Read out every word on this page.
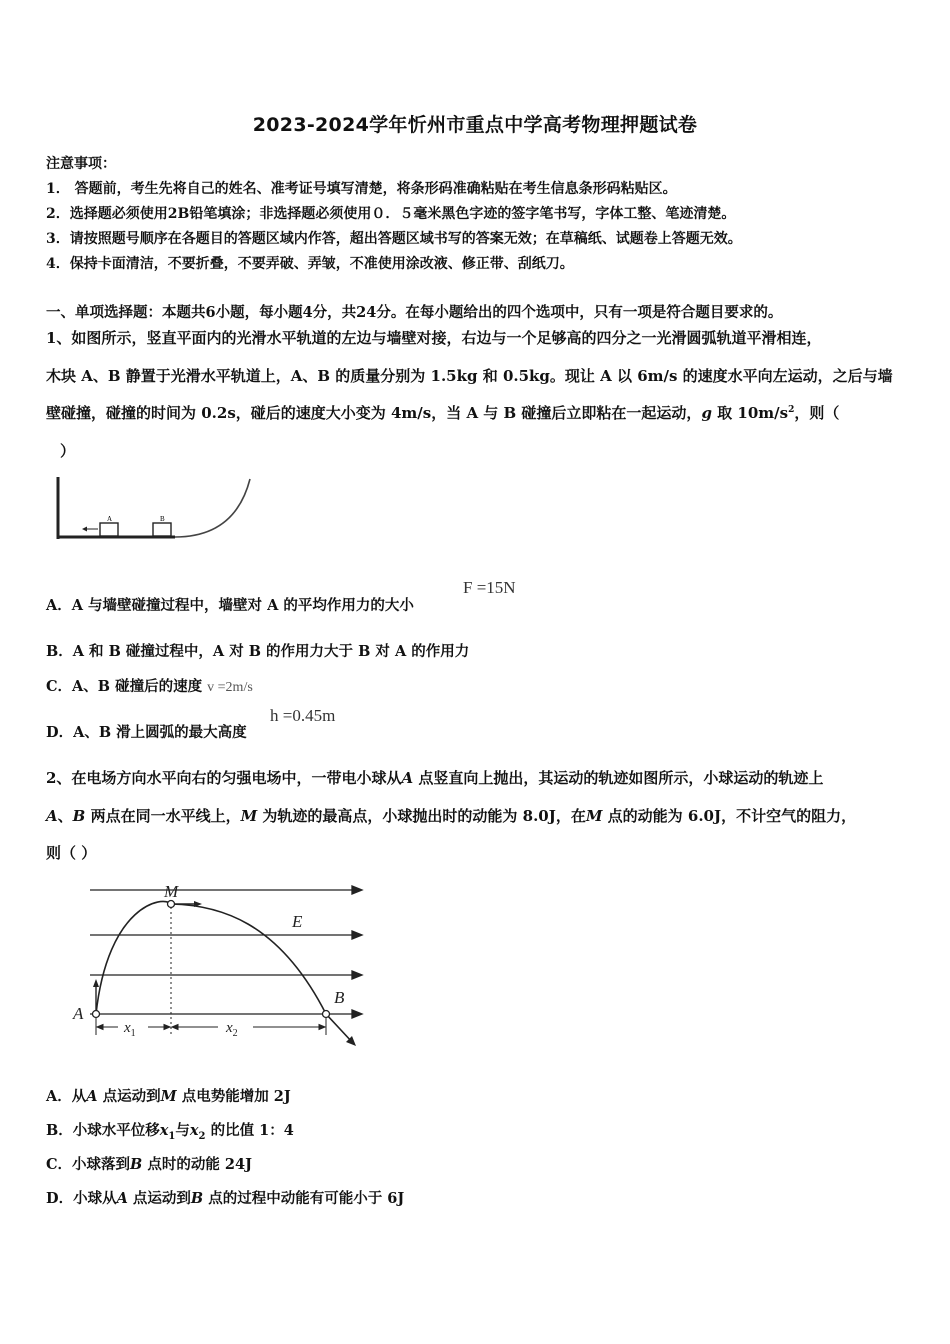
2023-2024学年忻州市重点中学高考物理押题试卷
注意事项：
1． 答题前，考生先将自己的姓名、准考证号填写清楚，将条形码准确粘贴在考生信息条形码粘贴区。
2．选择题必须使用2B铅笔填涂；非选择题必须使用０．５毫米黑色字迹的签字笔书写，字体工整、笔迹清楚。
3．请按照题号顺序在各题目的答题区域内作答，超出答题区域书写的答案无效；在草稿纸、试题卷上答题无效。
4．保持卡面清洁，不要折叠，不要弄破、弄皱，不准使用涂改液、修正带、刮纸刀。
一、单项选择题：本题共6小题，每小题4分，共24分。在每小题给出的四个选项中，只有一项是符合题目要求的。
1、如图所示，竖直平面内的光滑水平轨道的左边与墙壁对接，右边与一个足够高的四分之一光滑圆弧轨道平滑相连，
木块 A、B 静置于光滑水平轨道上，A、B 的质量分别为 1.5kg 和 0.5kg。现让 A 以 6m/s 的速度水平向左运动，之后与墙
壁碰撞，碰撞的时间为 0.2s，碰后的速度大小变为 4m/s，当 A 与 B 碰撞后立即粘在一起运动，g 取 $10m/s^2$，则（
）
A	B
A．A 与墙壁碰撞过程中，墙壁对 A 的平均作用力的大小
F =15N
B．A 和 B 碰撞过程中，A 对 B 的作用力大于 B 对 A 的作用力
C．A、B 碰撞后的速度 v =2m/s
D．A、B 滑上圆弧的最大高度
h =0.45m
2、在电场方向水平向右的匀强电场中，一带电小球从A 点竖直向上抛出，其运动的轨迹如图所示，小球运动的轨迹上
A、B 两点在同一水平线上，M 为轨迹的最高点，小球抛出时的动能为 8.0J，在M 点的动能为 6.0J，不计空气的阻力，
则（ ）
M
E
A
B
$x_1$	$x_2$
A．从A 点运动到M 点电势能增加 2J
B．小球水平位移$x_1$与$x_2$ 的比值 1：4
C．小球落到B 点时的动能 24J
D．小球从A 点运动到B 点的过程中动能有可能小于 6J
